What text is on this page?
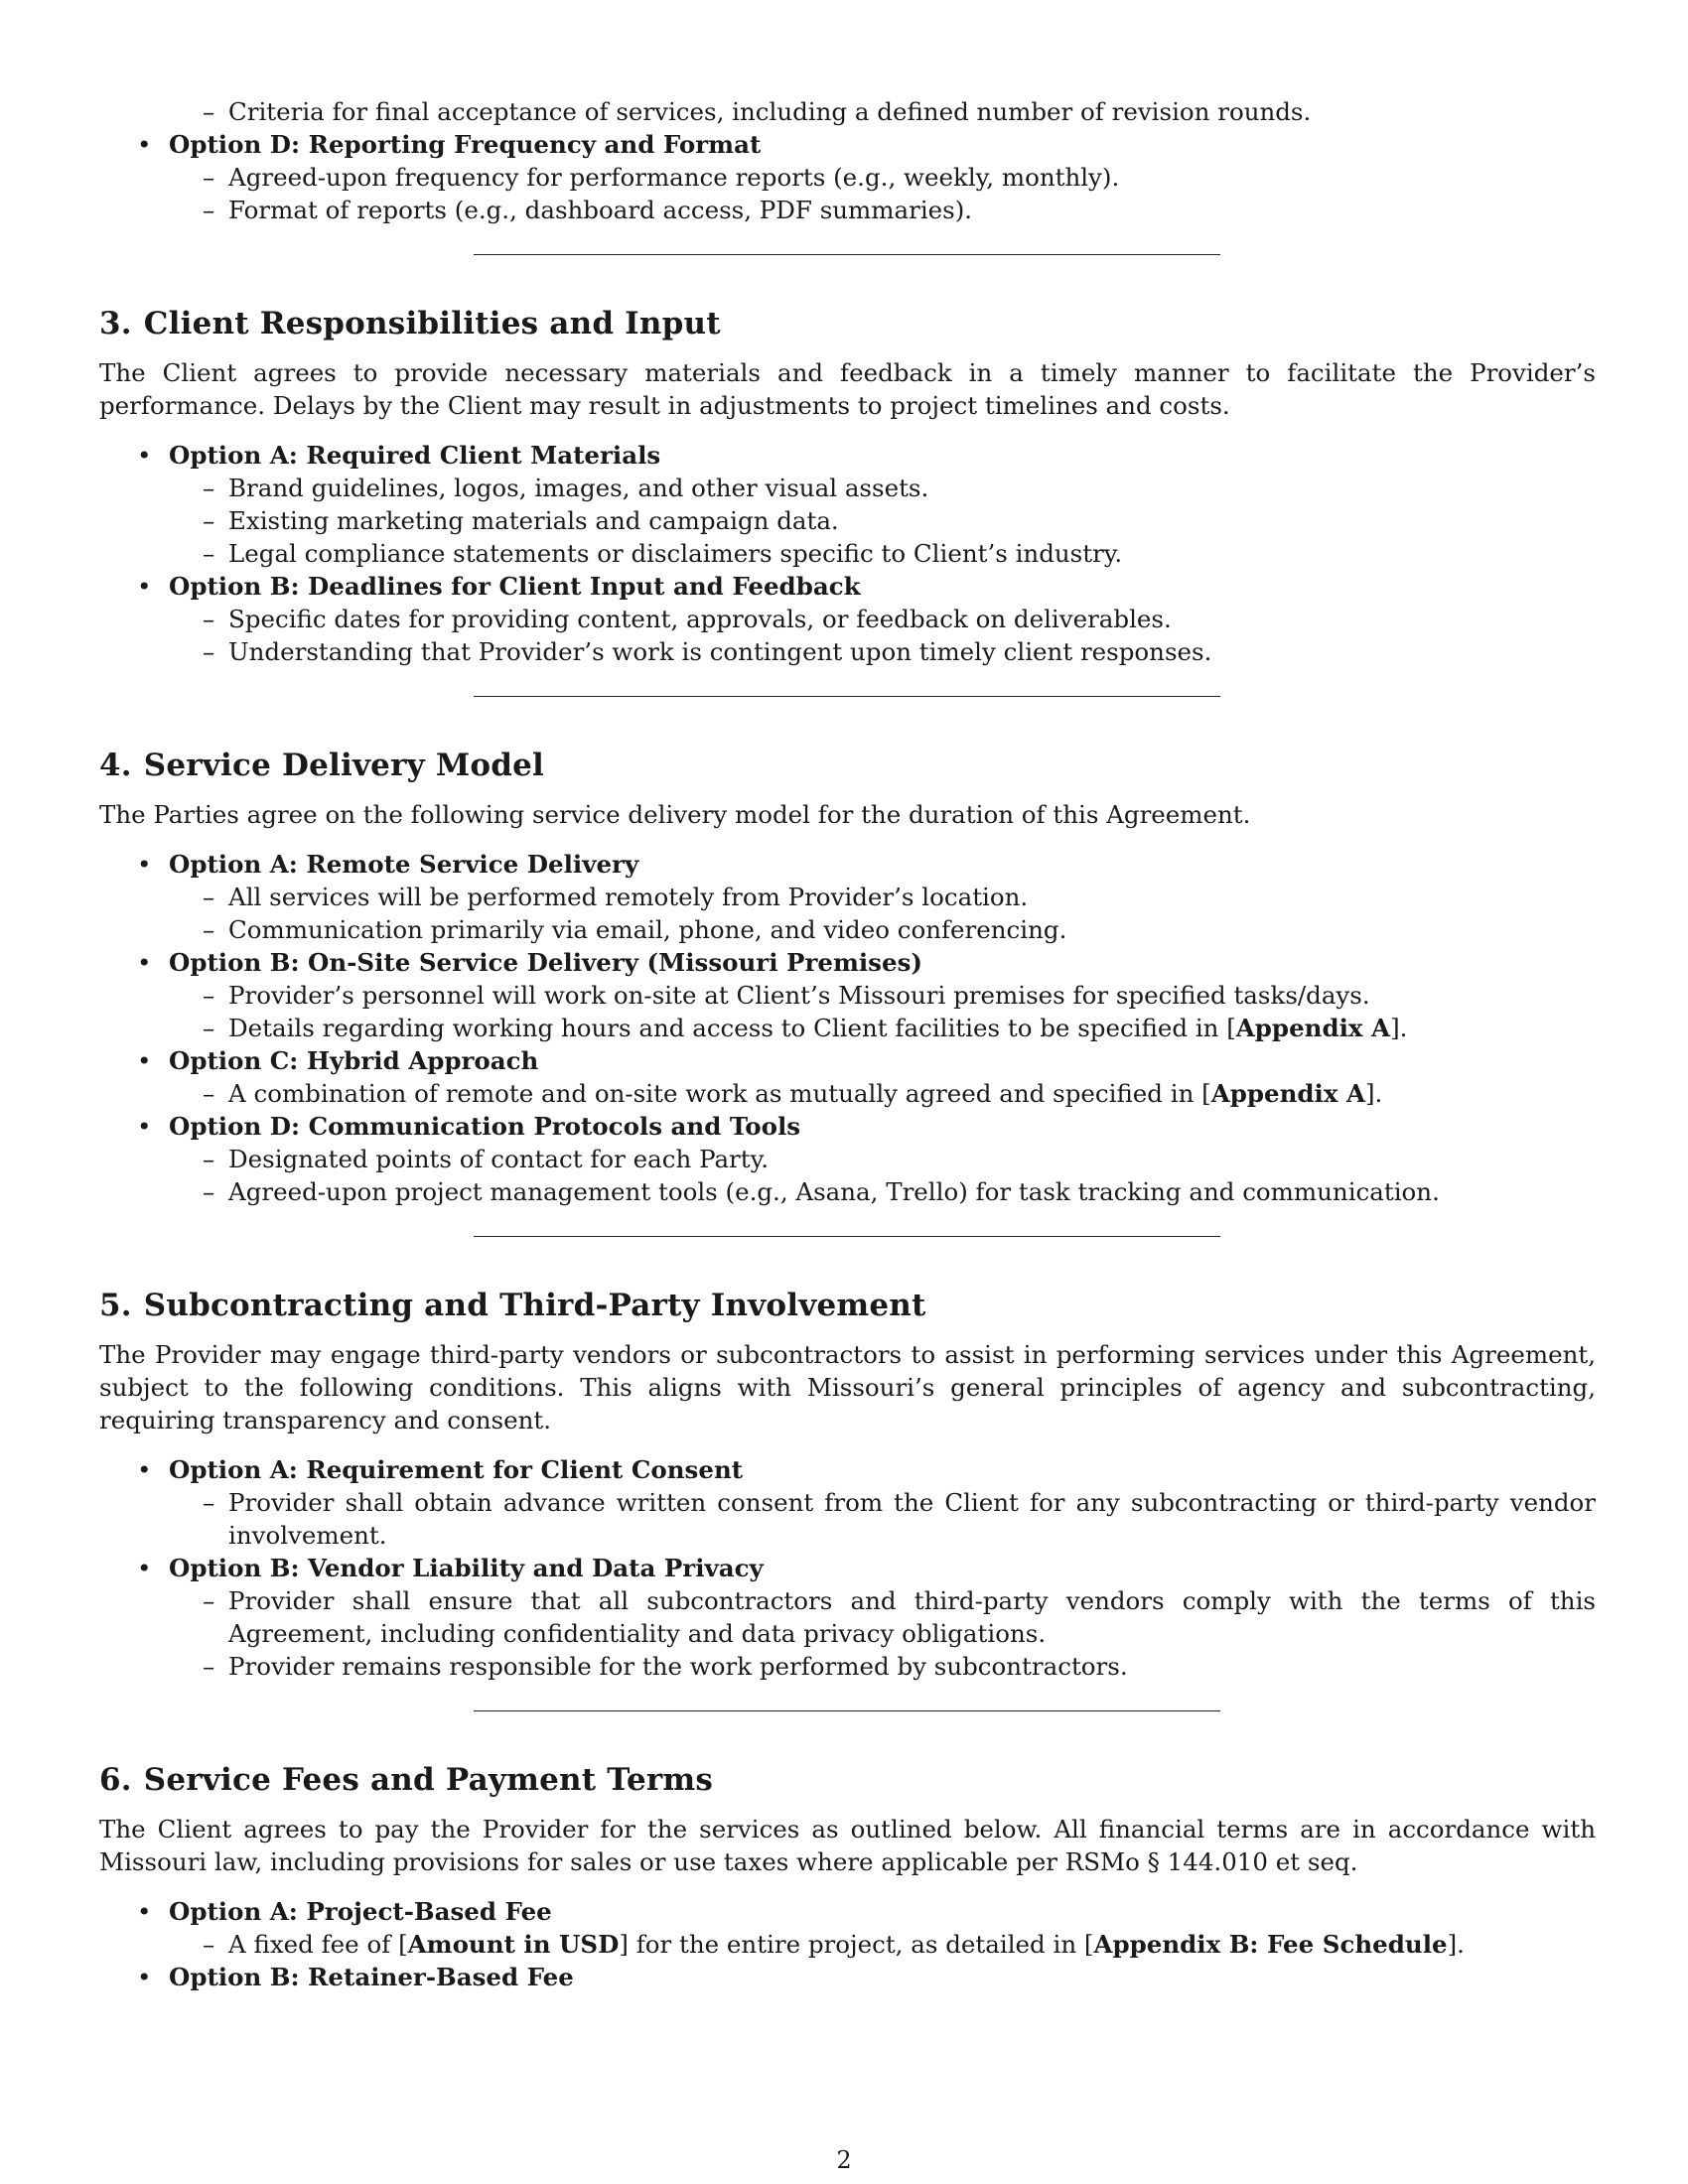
– Criteria for final acceptance of services, including a defined number of revision rounds.
• Option D: Reporting Frequency and Format
– Agreed-upon frequency for performance reports (e.g., weekly, monthly).
– Format of reports (e.g., dashboard access, PDF summaries).
3. Client Responsibilities and Input

The Client agrees to provide necessary materials and feedback in a timely manner to facilitate the Provider’s performance. Delays by the Client may result in adjustments to project timelines and costs.

• Option A: Required Client Materials
– Brand guidelines, logos, images, and other visual assets.
– Existing marketing materials and campaign data.
– Legal compliance statements or disclaimers specific to Client’s industry.
• Option B: Deadlines for Client Input and Feedback
– Specific dates for providing content, approvals, or feedback on deliverables.
– Understanding that Provider’s work is contingent upon timely client responses.
4. Service Delivery Model

The Parties agree on the following service delivery model for the duration of this Agreement.

• Option A: Remote Service Delivery
– All services will be performed remotely from Provider’s location.
– Communication primarily via email, phone, and video conferencing.
• Option B: On-Site Service Delivery (Missouri Premises)
– Provider’s personnel will work on-site at Client’s Missouri premises for specified tasks/days.
– Details regarding working hours and access to Client facilities to be specified in [Appendix A].
• Option C: Hybrid Approach
– A combination of remote and on-site work as mutually agreed and specified in [Appendix A].
• Option D: Communication Protocols and Tools
– Designated points of contact for each Party.
– Agreed-upon project management tools (e.g., Asana, Trello) for task tracking and communication.
5. Subcontracting and Third-Party Involvement

The Provider may engage third-party vendors or subcontractors to assist in performing services under this Agreement, subject to the following conditions. This aligns with Missouri’s general principles of agency and subcontracting, requiring transparency and consent.

• Option A: Requirement for Client Consent
– Provider shall obtain advance written consent from the Client for any subcontracting or third-party vendor involvement.
• Option B: Vendor Liability and Data Privacy
– Provider shall ensure that all subcontractors and third-party vendors comply with the terms of this Agreement, including confidentiality and data privacy obligations.
– Provider remains responsible for the work performed by subcontractors.
6. Service Fees and Payment Terms

The Client agrees to pay the Provider for the services as outlined below. All financial terms are in accordance with Missouri law, including provisions for sales or use taxes where applicable per RSMo § 144.010 et seq.

• Option A: Project-Based Fee
– A fixed fee of [Amount in USD] for the entire project, as detailed in [Appendix B: Fee Schedule].
• Option B: Retainer-Based Fee
2
